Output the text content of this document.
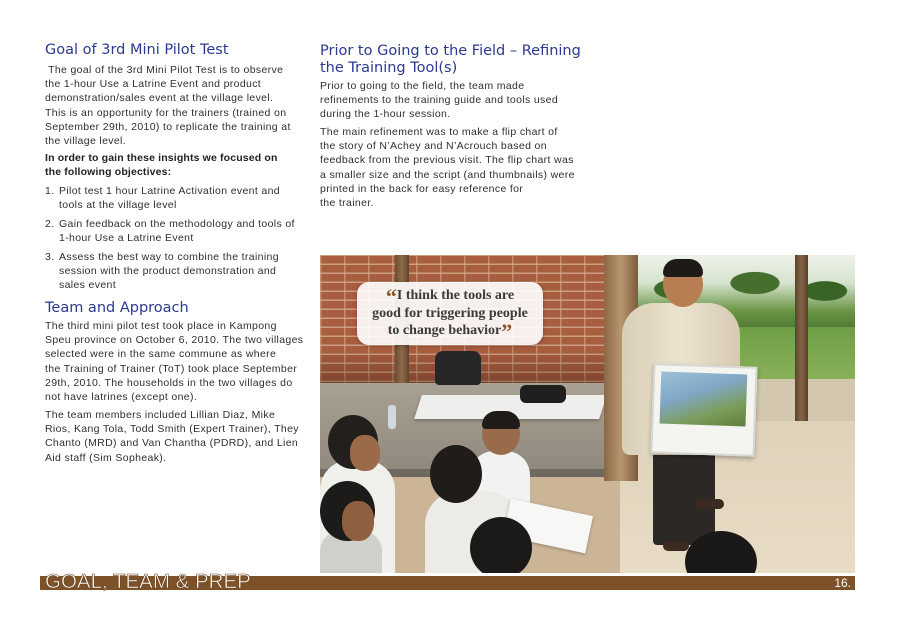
Goal of 3rd Mini Pilot Test
The goal of the 3rd Mini Pilot Test is to observe
the 1-hour Use a Latrine Event and product
demonstration/sales event at the village level.
This is an opportunity for the trainers (trained on
September 29th, 2010) to replicate the training at
the village level.
In order to gain these insights we focused on
the following objectives:
1. Pilot test 1 hour Latrine Activation event and
tools at the village level
2. Gain feedback on the methodology and tools of
1-hour Use a Latrine Event
3. Assess the best way to combine the training
session with the product demonstration and
sales event
Team and Approach
The third mini pilot test took place in Kampong
Speu province on October 6, 2010. The two villages
selected were in the same commune as where
the Training of Trainer (ToT) took place September
29th, 2010. The households in the two villages do
not have latrines (except one).
The team members included Lillian Diaz, Mike
Rios, Kang Tola, Todd Smith (Expert Trainer), They
Chanto (MRD) and Van Chantha (PDRD), and Lien
Aid staff (Sim Sopheak).
Prior to Going to the Field – Refining
the Training Tool(s)
Prior to going to the field, the team made
refinements to the training guide and tools used
during the 1-hour session.
The main refinement was to make a flip chart of
the story of N’Achey and N’Acrouch based on
feedback from the previous visit. The flip chart was
a smaller size and the script (and thumbnails) were
printed in the back for easy reference for
the trainer.
“I think the tools are
good for triggering people
to change behavior”
GOAL, TEAM & PREP	16.
